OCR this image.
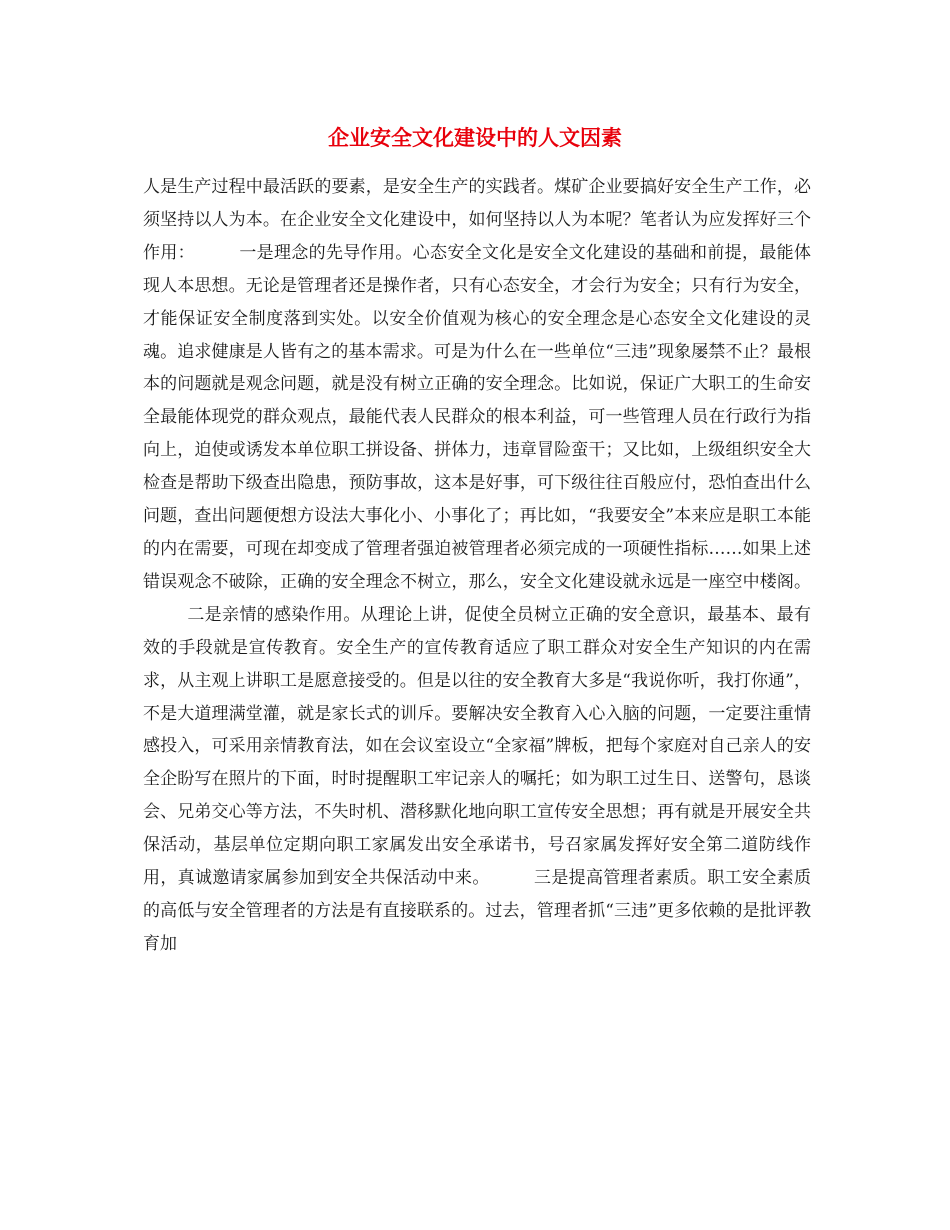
企业安全文化建设中的人文因素

人是生产过程中最活跃的要素，是安全生产的实践者。煤矿企业要搞好安全生产工作，必须坚持以人为本。在企业安全文化建设中，如何坚持以人为本呢？笔者认为应发挥好三个作用：	一是理念的先导作用。心态安全文化是安全文化建设的基础和前提，最能体现人本思想。无论是管理者还是操作者，只有心态安全，才会行为安全；只有行为安全，才能保证安全制度落到实处。以安全价值观为核心的安全理念是心态安全文化建设的灵魂。追求健康是人皆有之的基本需求。可是为什么在一些单位“三违”现象屡禁不止？最根本的问题就是观念问题，就是没有树立正确的安全理念。比如说，保证广大职工的生命安全最能体现党的群众观点，最能代表人民群众的根本利益，可一些管理人员在行政行为指向上，迫使或诱发本单位职工拼设备、拼体力，违章冒险蛮干；又比如，上级组织安全大检查是帮助下级查出隐患，预防事故，这本是好事，可下级往往百般应付，恐怕查出什么问题，查出问题便想方设法大事化小、小事化了；再比如，“我要安全”本来应是职工本能的内在需要，可现在却变成了管理者强迫被管理者必须完成的一项硬性指标……如果上述错误观念不破除，正确的安全理念不树立，那么，安全文化建设就永远是一座空中楼阁。二是亲情的感染作用。从理论上讲，促使全员树立正确的安全意识，最基本、最有效的手段就是宣传教育。安全生产的宣传教育适应了职工群众对安全生产知识的内在需求，从主观上讲职工是愿意接受的。但是以往的安全教育大多是“我说你听，我打你通”，不是大道理满堂灌，就是家长式的训斥。要解决安全教育入心入脑的问题，一定要注重情感投入，可采用亲情教育法，如在会议室设立“全家福”牌板，把每个家庭对自己亲人的安全企盼写在照片的下面，时时提醒职工牢记亲人的嘱托；如为职工过生日、送警句，恳谈会、兄弟交心等方法，不失时机、潜移默化地向职工宣传安全思想；再有就是开展安全共保活动，基层单位定期向职工家属发出安全承诺书，号召家属发挥好安全第二道防线作用，真诚邀请家属参加到安全共保活动中来。	三是提高管理者素质。职工安全素质的高低与安全管理者的方法是有直接联系的。过去，管理者抓“三违”更多依赖的是批评教育加
